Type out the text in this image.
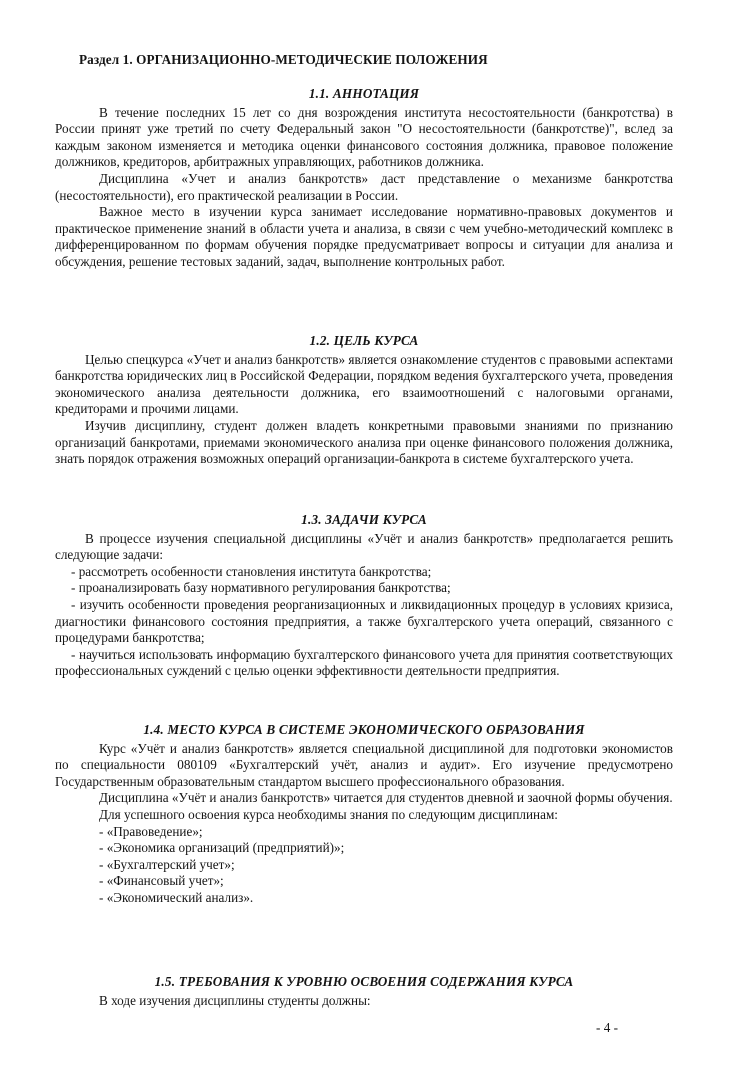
Раздел 1. ОРГАНИЗАЦИОННО-МЕТОДИЧЕСКИЕ ПОЛОЖЕНИЯ
1.1. АННОТАЦИЯ

В течение последних 15 лет со дня возрождения института несостоятельности (банкротства) в России принят уже третий по счету Федеральный закон "О несостоятельности (банкротстве)", вслед за каждым законом изменяется и методика оценки финансового состояния должника, правовое положение должников, кредиторов, арбитражных управляющих, работников должника.

Дисциплина «Учет и анализ банкротств» даст представление о механизме банкротства (несостоятельности), его практической реализации в России.

Важное место в изучении курса занимает исследование нормативно-правовых документов и практическое применение знаний в области учета и анализа, в связи с чем учебно-методический комплекс в дифференцированном по формам обучения порядке предусматривает вопросы и ситуации для анализа и обсуждения, решение тестовых заданий, задач, выполнение контрольных работ.

1.2. ЦЕЛЬ КУРСА

Целью спецкурса «Учет и анализ банкротств» является ознакомление студентов с правовыми аспектами банкротства юридических лиц в Российской Федерации, порядком ведения бухгалтерского учета, проведения экономического анализа деятельности должника, его взаимоотношений с налоговыми органами, кредиторами и прочими лицами.

Изучив дисциплину, студент должен владеть конкретными правовыми знаниями по признанию организаций банкротами, приемами экономического анализа при оценке финансового положения должника, знать порядок отражения возможных операций организации-банкрота в системе бухгалтерского учета.

1.3. ЗАДАЧИ КУРСА

В процессе изучения специальной дисциплины «Учёт и анализ банкротств» предполагается решить следующие задачи:

- рассмотреть особенности становления института банкротства;
- проанализировать базу нормативного регулирования банкротства;
- изучить особенности проведения реорганизационных и ликвидационных процедур в условиях кризиса, диагностики финансового состояния предприятия, а также бухгалтерского учета операций, связанного с процедурами банкротства;
- научиться использовать информацию бухгалтерского финансового учета для принятия соответствующих профессиональных суждений с целью оценки эффективности деятельности предприятия.
1.4. МЕСТО КУРСА В СИСТЕМЕ ЭКОНОМИЧЕСКОГО ОБРАЗОВАНИЯ

Курс «Учёт и анализ банкротств» является специальной дисциплиной для подготовки экономистов по специальности 080109 «Бухгалтерский учёт, анализ и аудит». Его изучение предусмотрено Государственным образовательным стандартом высшего профессионального образования.

Дисциплина «Учёт и анализ банкротств» читается для студентов дневной и заочной формы обучения.

Для успешного освоения курса необходимы знания по следующим дисциплинам:

- «Правоведение»;
- «Экономика организаций (предприятий)»;
- «Бухгалтерский учет»;
- «Финансовый учет»;
- «Экономический анализ».
1.5. ТРЕБОВАНИЯ К УРОВНЮ ОСВОЕНИЯ СОДЕРЖАНИЯ КУРСА

В ходе изучения дисциплины студенты должны:

- 4 -
